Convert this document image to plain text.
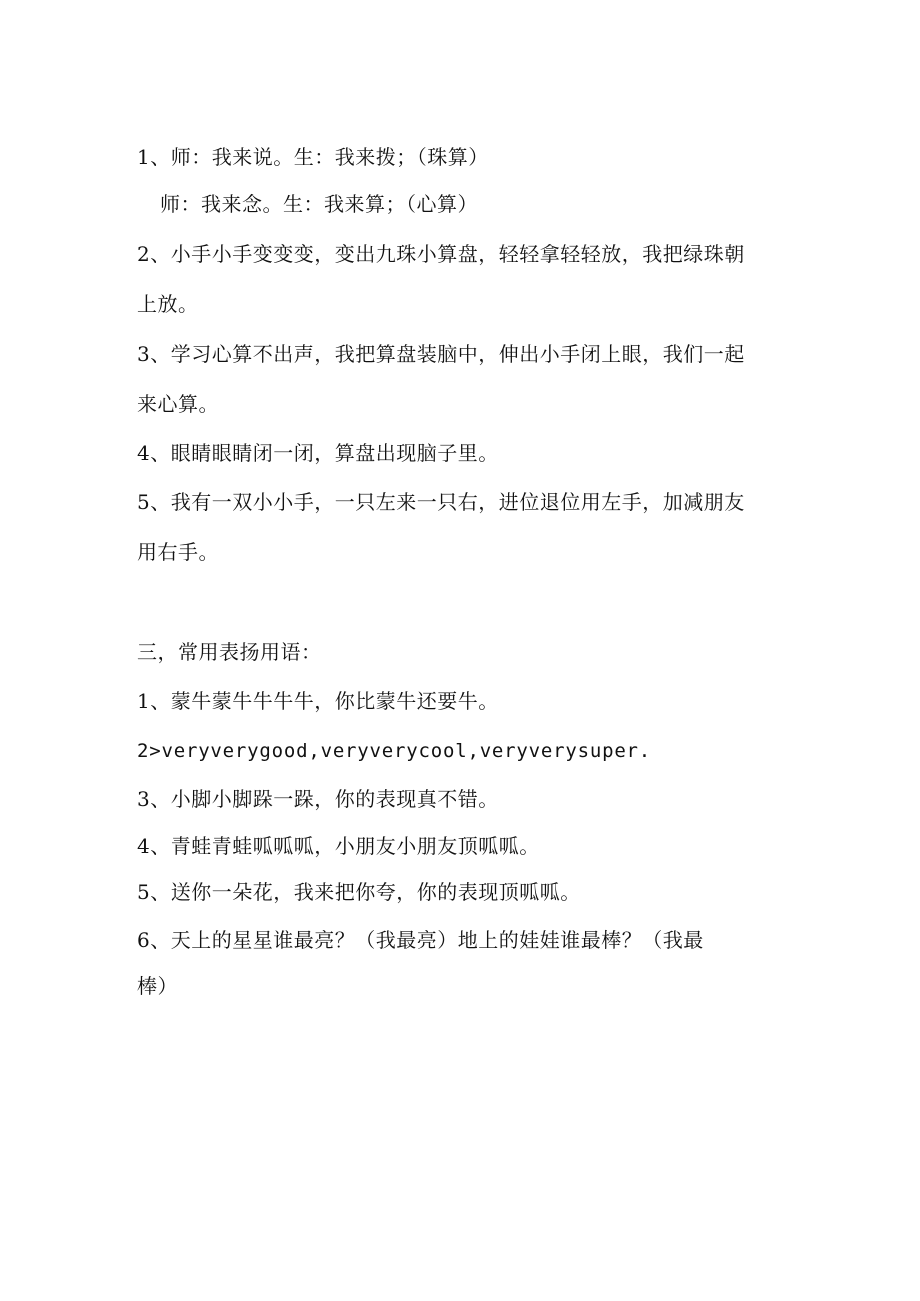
1、师：我来说。生：我来拨；（珠算）
师：我来念。生：我来算；（心算）
2、小手小手变变变，变出九珠小算盘，轻轻拿轻轻放，我把绿珠朝
上放。
3、学习心算不出声，我把算盘装脑中，伸出小手闭上眼，我们一起
来心算。
4、眼睛眼睛闭一闭，算盘出现脑子里。
5、我有一双小小手，一只左来一只右，进位退位用左手，加减朋友
用右手。
三，常用表扬用语：
1、蒙牛蒙牛牛牛牛，你比蒙牛还要牛。
2>veryverygood,veryverycool,veryverysuper.
3、小脚小脚跺一跺，你的表现真不错。
4、青蛙青蛙呱呱呱，小朋友小朋友顶呱呱。
5、送你一朵花，我来把你夸，你的表现顶呱呱。
6、天上的星星谁最亮？（我最亮）地上的娃娃谁最棒？（我最
棒）
